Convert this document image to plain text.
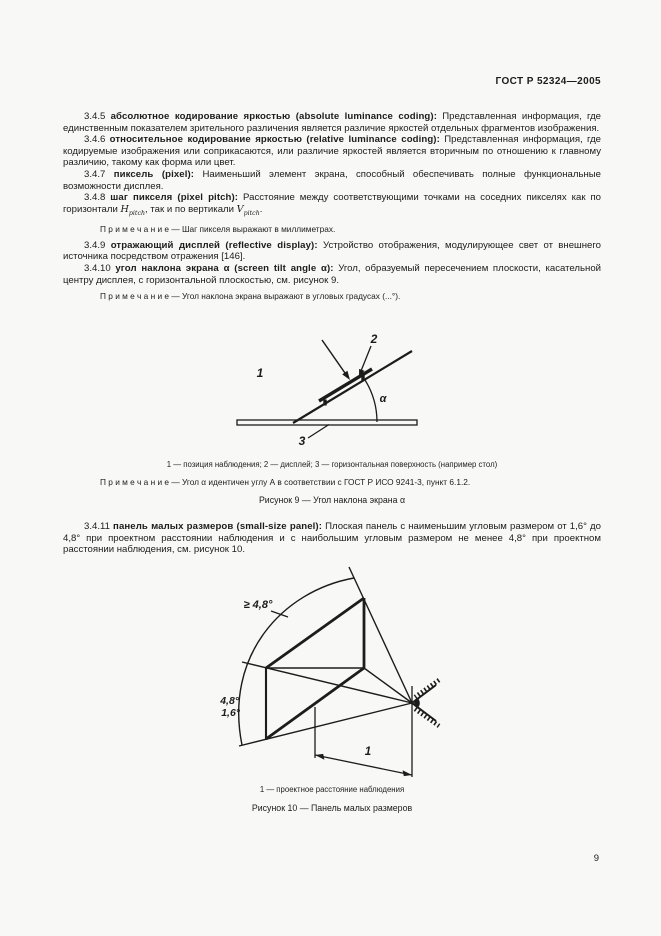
ГОСТ Р 52324—2005

3.4.5 абсолютное кодирование яркостью (absolute luminance coding): Представленная информация, где единственным показателем зрительного различения является различие яркостей отдельных фрагментов изображения.

3.4.6 относительное кодирование яркостью (relative luminance coding): Представленная информация, где кодируемые изображения или соприкасаются, или различие яркостей является вторичным по отношению к главному различию, такому как форма или цвет.

3.4.7 пиксель (pixel): Наименьший элемент экрана, способный обеспечивать полные функциональные возможности дисплея.

3.4.8 шаг пикселя (pixel pitch): Расстояние между соответствующими точками на соседних пикселях как по горизонтали $H_{pitch}$, так и по вертикали $V_{pitch}$.

П р и м е ч а н и е — Шаг пикселя выражают в миллиметрах.

3.4.9 отражающий дисплей (reflective display): Устройство отображения, модулирующее свет от внешнего источника посредством отражения [146].

3.4.10 угол наклона экрана α (screen tilt angle α): Угол, образуемый пересечением плоскости, касательной центру дисплея, с горизонтальной плоскостью, см. рисунок 9.

П р и м е ч а н и е — Угол наклона экрана выражают в угловых градусах (...°).

1
2
3
α

1 — позиция наблюдения; 2 — дисплей; 3 — горизонтальная поверхность (например стол)

П р и м е ч а н и е — Угол α идентичен углу А в соответствии с ГОСТ Р ИСО 9241-3, пункт 6.1.2.

Рисунок 9 — Угол наклона экрана α

3.4.11 панель малых размеров (small-size panel): Плоская панель с наименьшим угловым размером от 1,6° до 4,8° при проектном расстоянии наблюдения и с наибольшим угловым размером не менее 4,8° при проектном расстоянии наблюдения, см. рисунок 10.

≥ 4,8°
4,8°
1,6°
1

1 — проектное расстояние наблюдения

Рисунок 10 — Панель малых размеров

9
